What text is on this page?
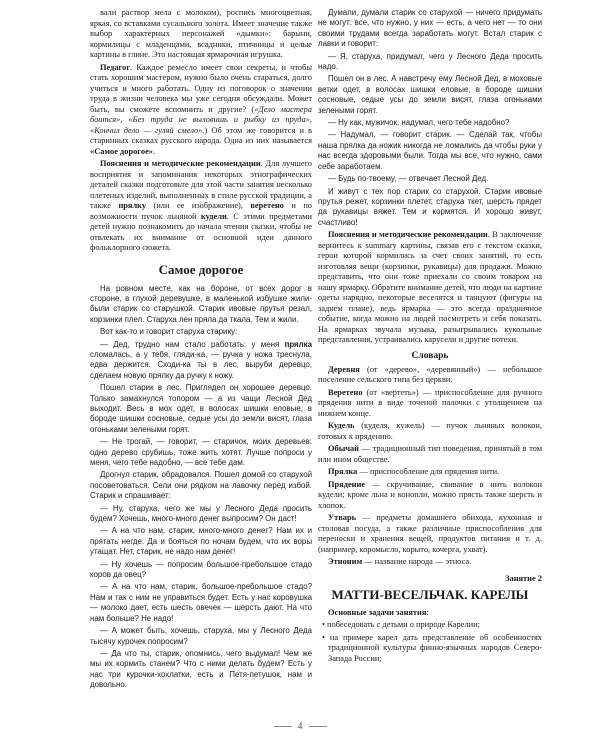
вали раствор мела с молоком), роспись многоцветная, яркая, со вставками сусального золота. Имеет значение также выбор характерных персонажей «дымки»: барыни, кормилицы с младенцами, всадники, птичницы и целые картины в глине. Это настоящая ярмарочная игрушка.

Педагог. Каждое ремесло имеет свои секреты, и чтобы стать хорошим мастером, нужно было очень стараться, долго учиться и много работать. Одну из поговорок о значении труда в жизни человека мы уже сегодня обсуждали. Может быть, вы сможете вспомнить и другие? («Дело мастера боится», «Без труда не выловишь и рыбку из пруда», «Кончил дело — гуляй смело».) Об этом же говорится и в старинных сказках русского народа. Одна из них называется «Самое дорогое».

Пояснения и методические рекомендации. Для лучшего восприятия и запоминания некоторых этнографических деталей сказки подготовьте для этой части занятия несколько плетеных изделий, выполненных в стиле русской традиции, а также прялку (или ее изображение), веретено и по возможности пучок льняной кудели. С этими предметами детей нужно познакомить до начала чтения сказки, чтобы не отвлекать их внимание от основной идеи данного фольклорного сюжета.

Самое дорогое

На ровном месте, как на бороне, от всех дорог в стороне, в глухой деревушке, в маленькой избушке жили-были старик со старушкой. Старик ивовые прутья резал, корзинки плел. Старуха лен пряла да ткала. Тем и жили.

Вот как-то и говорит старуха старику:

— Дед, трудно нам стало работать: у меня прялка сломалась, а у тебя, гляди-ка, — ручка у ножа треснула, едва держится. Сходи-ка ты в лес, выруби деревцо, сделаем новую прялку да ручку к ножу.

Пошел старик в лес. Приглядел он хорошее деревцо. Только замахнулся топором — а из чащи Лесной Дед выходит. Весь в мох одет, в волосах шишки еловые, в бороде шишки сосновые, седые усы до земли висят, глаза огоньками зелеными горят.

— Не трогай, — говорит, — старичок, моих деревьев: одно дерево срубишь, тоже жить хотят. Лучше попроси у меня, чего тебе надобно, — все тебе дам.

Дрогнул старик, обрадовался. Пошел домой со старухой посоветоваться. Сели они рядком на лавочку перед избой. Старик и спрашивает:

— Ну, старуха, чего же мы у Лесного Деда просить будем? Хочешь, много-много денег выпросим? Он даст!

— А на что нам, старик, много-много денег? Нам их и прятать негде. Да и бояться по ночам будем, что их воры утащат. Нет, старик, не надо нам денег!

— Ну хочешь — попросим большое-пребольшое стадо коров да овец?

— А на что нам, старик, большое-пребольшое стадо? Нам и так с ним не управиться будет. Есть у нас коровушка — молоко дает, есть шесть овечек — шерсть дают. На что нам больше? Не надо!

— А может быть, хочешь, старуха, мы у Лесного Деда тысячу курочек попросим?

— Да что ты, старик, опомнись, чего выдумал! Чем же мы их кормить станем? Что с ними делать будем? Есть у нас три курочки-хохлатки, есть и Петя-петушок, нам и довольно.

Думали, думали старик со старухой — ничего придумать не могут: все, что нужно, у них — есть, а чего нет — то они своими трудами всегда заработать могут. Встал старик с лавки и говорит:

— Я, старуха, придумал, чего у Лесного Деда просить надо.

Пошел он в лес. А навстречу ему Лесной Дед, в моховые ветки одет, в волосах шишки еловые, в бороде шишки сосновые, седые усы до земли висят, глаза огоньками зелеными горят.

— Ну как, мужичок, надумал, чего тебе надобно?

— Надумал, — говорит старик. — Сделай так, чтобы наша прялка да ножик никогда не ломались да чтобы руки у нас всегда здоровыми были. Тогда мы все, что нужно, сами себе заработаем.

— Будь по-твоему, — отвечает Лесной Дед.

И живут с тех пор старик со старухой. Старик ивовые прутья режет, корзинки плетет, старуха ткет, шерсть прядет да рукавицы вяжет. Тем и кормятся. И хорошо живут, счастливо!

Пояснения и методические рекомендации. В заключение вернитесь к summary картины, связав его с текстом сказки, герои которой кормились за счет своих занятий, то есть изготовляя вещи (корзинки, рукавицы) для продажи. Можно представить, что они тоже приехали со своим товаром на нашу ярмарку. Обратите внимание детей, что люди на картине одеты нарядно, некоторые веселятся и танцуют (фигуры на заднем плане), ведь ярмарка — это всегда праздничное событие, когда можно на людей посмотреть и себя показать. На ярмарках звучала музыка, разыгрывались кукольные представления, устраивались карусели и другие потехи.

Словарь

Деревня (от «дерево», «деревянный») — небольшое поселение сельского типа без церкви.

Веретено (от «вертеть») — приспособление для ручного прядения нити в виде точеной палочки с утолщением на нижнем конце.

Кудель (куделя, кужель) — пучок льняных волокон, готовых к прядению.

Обычай — традиционный тип поведения, принятый в том или ином обществе.

Прялка — приспособление для прядения нити.

Прядение — скручивание, свивание в нить волокон кудели; кроме льна и конопли, можно прясть также шерсть и хлопок.

Утварь — предметы домашнего обихода, кухонная и столовая посуда, а также различные приспособления для переноски и хранения вещей, продуктов питания и т. д. (например, коромысло, корыто, кочерга, ухват).

Этноним — название народа — этноса.

Занятие 2
МАТТИ-ВЕСЕЛЬЧАК. КАРЕЛЫ

Основные задачи занятия:

• побеседовать с детьми о природе Карелии;

• на примере карел дать представление об особенностях традиционной культуры финно-язычных народов Северо-Запада России;

4
